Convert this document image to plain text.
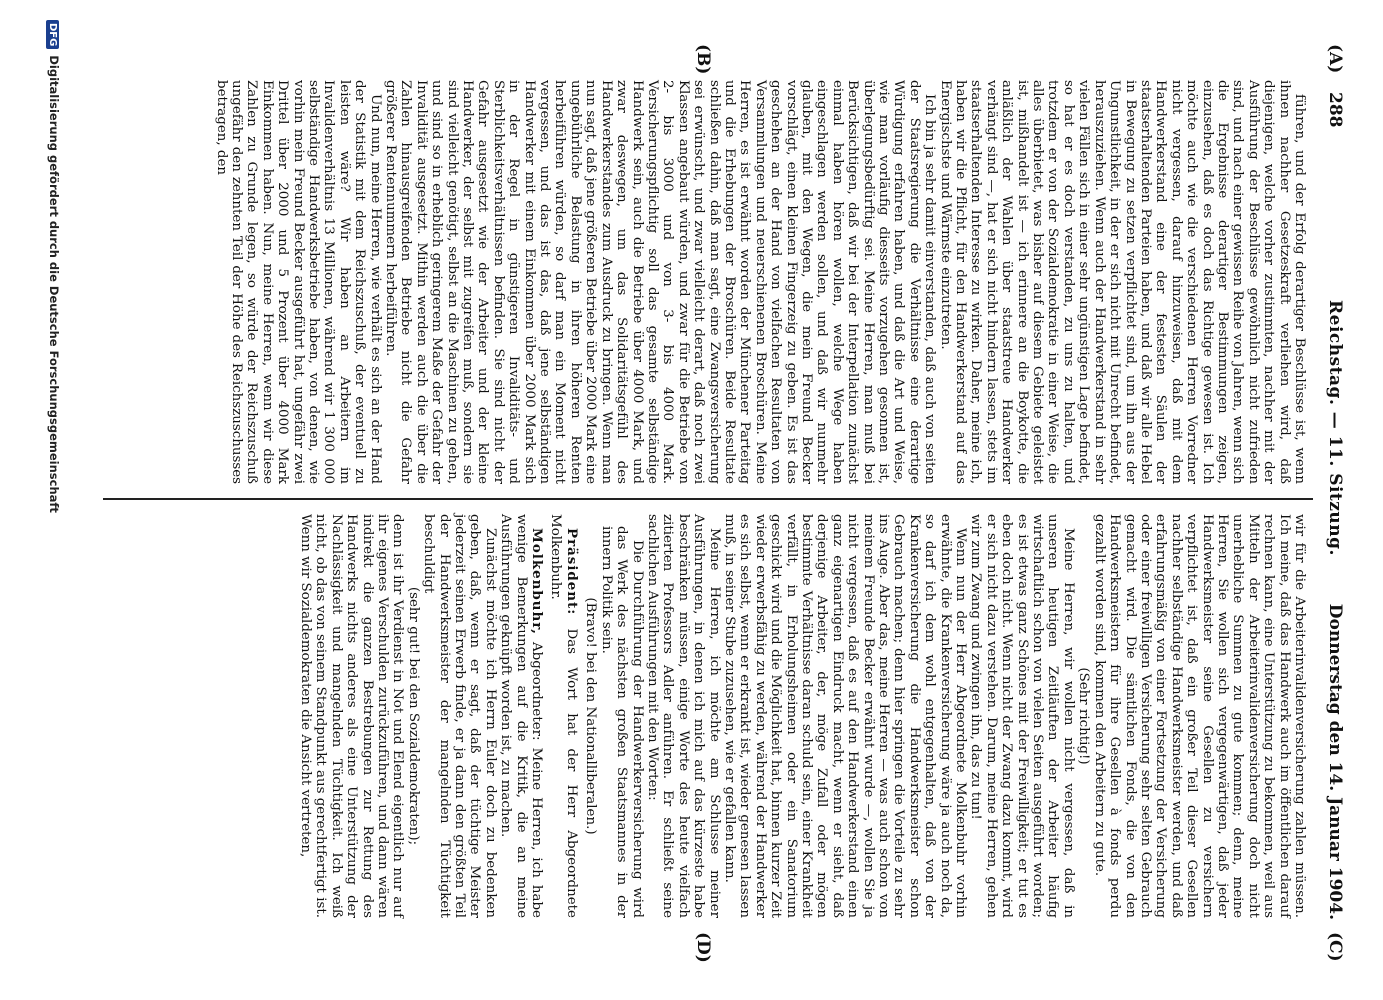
288
Reichstag. — 11. Sitzung.
Donnerstag den 14. Januar 1904.
(A)
(B)
(C)
(D)

führen, und der Erfolg derartiger Beschlüsse ist, wenn ihnen nachher Gesetzeskraft verliehen wird, daß diejenigen, welche vorher zustimmten, nachher mit der Ausführung der Beschlüsse gewöhnlich nicht zufrieden sind, und nach einer gewissen Reihe von Jahren, wenn sich die Ergebnisse derartiger Bestimmungen zeigen, einzusehen, daß es doch das Richtige gewesen ist. Ich möchte auch wie die verschiedenen Herren Vorredner nicht vergessen, darauf hinzuweisen, daß mit dem Handwerkerstand eine der festesten Säulen der staatserhaltenden Parteien haben, und daß wir alle Hebel in Bewegung zu setzen verpflichtet sind, um ihn aus der Ungunstlichkeit, in der er sich nicht mit Unrecht befindet, herauszuziehen. Wenn auch der Handwerkerstand in sehr vielen Fällen sich in einer sehr ungünstigen Lage befindet, so hat er es doch verstanden, zu uns zu halten, und trotzdem er von der Sozialdemokratie in einer Weise, die alles überbietet, was bisher auf diesem Gebiete geleistet ist, mißhandelt ist — ich erinnere an die Boykotte, die anläßlich der Wahlen über staatstreue Handwerker verhängt sind —, hat er sich nicht hindern lassen, stets im staatserhaltenden Interesse zu wirken. Daher, meine ich, haben wir die Pflicht, für den Handwerkerstand auf das Energischste und Wärmste einzutreten.

Ich bin ja sehr damit einverstanden, daß auch von seiten der Staatsregierung die Verhältnisse eine derartige Würdigung erfahren haben, und daß die Art und Weise, wie man vorläufig diesseits vorzugehen gesonnen ist, überlegungsbedürftig sei. Meine Herren, man muß bei Berücksichtigen, daß wir bei der Interpellation zunächst einmal haben hören wollen, welche Wege haben eingeschlagen werden sollen, und daß wir nunmehr glauben, mit den Wegen, die mein Freund Becker vorschlägt, einen kleinen Fingerzeig zu geben. Es ist das geschehen an der Hand von vielfachen Resultaten von Versammlungen und neuerschienenen Broschüren. Meine Herren, es ist erwähnt worden der Münchener Parteitag und die Erhebungen der Broschüren. Beide Resultate schließen dahin, daß man sagt, eine Zwangsversicherung sei erwünscht, und zwar vielleicht derart, daß noch zwei Klassen angebaut würden, und zwar für die Betriebe von 2- bis 3000 und von 3- bis 4000 Mark. Versicherungspflichtig soll das gesamte selbständige Handwerk sein, auch die Betriebe über 4000 Mark, und zwar deswegen, um das Solidaritätsgefühl des Handwerkerstandes zum Ausdruck zu bringen. Wenn man nun sagt, daß jene größeren Betriebe über 2000 Mark eine ungebührliche Belastung in ihren höheren Renten herbeiführen würden, so darf man ein Moment nicht vergessen, und das ist das, daß jene selbständigen Handwerker mit einem Einkommen über 2000 Mark sich in der Regel in günstigeren Invaliditäts- und Sterblichkeitsverhältnissen befinden. Sie sind nicht der Gefahr ausgesetzt wie der Arbeiter und der kleine Handwerker, der selbst mit zugreifen muß, sondern sie sind vielleicht genötigt, selbst an die Maschinen zu gehen, und sind so in erheblich geringerem Maße der Gefahr der Invalidität ausgesetzt. Mithin werden auch die über die Zahlen hinausgreifenden Betriebe nicht die Gefahr größerer Rentennummern herbeiführen.

Und nun, meine Herren, wie verhält es sich an der Hand der Statistik mit dem Reichszuschuß, der eventuell zu leisten wäre? Wir haben an Arbeitern im Invalidenverhältnis 13 Millionen, während wir 1 300 000 selbständige Handwerksbetriebe haben, von denen, wie vorhin mein Freund Becker ausgeführt hat, ungefähr zwei Drittel über 2000 und 5 Prozent über 4000 Mark Einkommen haben. Nun, meine Herren, wenn wir diese Zahlen zu Grunde legen, so würde der Reichszuschuß ungefähr den zehnten Teil der Höhe des Reichszuschusses betragen, den

wir für die Arbeiterinvalidenversicherung zahlen müssen. Ich meine, daß das Handwerk auch im öffentlichen darauf rechnen kann, eine Unterstützung zu bekommen, weil aus Mitteln der Arbeiterinvalidenversicherung doch nicht unerhebliche Summen zu gute kommen; denn, meine Herren, Sie wollen sich vergegenwärtigen, daß jeder Handwerksmeister seine Gesellen zu versichern verpflichtet ist, daß ein großer Teil dieser Gesellen nachher selbständige Handwerksmeister werden, und daß erfahrungsmäßig von einer Fortsetzung der Versicherung oder einer freiwilligen Versicherung sehr selten Gebrauch gemacht wird. Die sämtlichen Fonds, die von den Handwerksmeistern für ihre Gesellen à fonds perdu gezahlt worden sind, kommen den Arbeitern zu gute.

(Sehr richtig!)

Meine Herren, wir wollen nicht vergessen, daß in unseren heutigen Zeitläuften der Arbeiter häufig wirtschaftlich schon von vielen Seiten ausgeführt worden; es ist etwas ganz Schönes mit der Freiwilligkeit; er tut es eben doch nicht. Wenn nicht der Zwang dazu kommt, wird er sich nicht dazu verstehen. Darum, meine Herren, gehen wir zum Zwang und zwingen ihn, das zu tun!

Wenn nun der Herr Abgeordnete Molkenbuhr vorhin erwähnte, die Krankenversicherung wäre ja auch noch da, so darf ich dem wohl entgegenhalten, daß von der Krankenversicherung die Handwerksmeister schon Gebrauch machen; denn hier springen die Vorteile zu sehr ins Auge. Aber das, meine Herren — was auch schon von meinem Freunde Becker erwähnt wurde —, wollen Sie ja nicht vergessen, daß es auf den Handwerkerstand einen ganz eigenartigen Eindruck macht, wenn er sieht, daß derjenige Arbeiter, der, möge Zufall oder mögen bestimmte Verhältnisse daran schuld sein, einer Krankheit verfällt, in Erholungsheimen oder ein Sanatorium geschickt wird und die Möglichkeit hat, binnen kurzer Zeit wieder erwerbsfähig zu werden, während der Handwerker es sich selbst, wenn er erkrankt ist, wieder genesen lassen muß, in seiner Stube zuzusehen, wie er gefallen kann.

Meine Herren, ich möchte am Schlusse meiner Ausführungen, in denen ich mich auf das kürzeste habe beschränken müssen, einige Worte des heute vielfach zitierten Professors Adler anführen. Er schließt seine sachlichen Ausführungen mit den Worten:

Die Durchführung der Handwerkerversicherung wird das Werk des nächsten großen Staatsmannes in der innern Politik sein.

(Bravo! bei den Nationalliberalen.)

Präsident: Das Wort hat der Herr Abgeordnete Molkenbuhr.

Molkenbuhr, Abgeordneter: Meine Herren, ich habe wenige Bemerkungen auf die Kritik, die an meine Ausführungen geknüpft worden ist, zu machen.

Zunächst möchte ich Herrn Euler doch zu bedenken geben, daß, wenn er sagt, daß der tüchtige Meister jederzeit seinen Erwerb finde, er ja dann den größten Teil der Handwerksmeister der mangelnden Tüchtigkeit beschuldigt

(sehr gut! bei den Sozialdemokraten);

denn ist ihr Verdienst in Not und Elend eigentlich nur auf ihr eigenes Verschulden zurückzuführen, und dann wären indirekt die ganzen Bestrebungen zur Rettung des Handwerks nichts anderes als eine Unterstützung der Nachlässigkeit und mangelnden Tüchtigkeit. Ich weiß nicht, ob das von seinem Standpunkt aus gerechtfertigt ist. Wenn wir Sozialdemokraten die Ansicht vertreten,

DFGDigitalisierung gefördert durch die Deutsche Forschungsgemeinschaft
